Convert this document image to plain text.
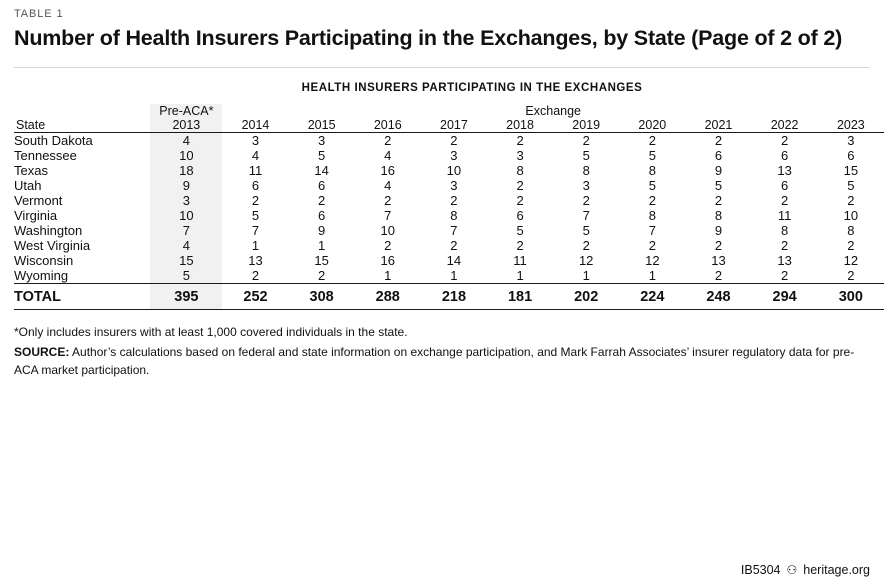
TABLE 1
Number of Health Insurers Participating in the Exchanges, by State (Page of 2 of 2)
HEALTH INSURERS PARTICIPATING IN THE EXCHANGES
	Pre-ACA*	Exchange									
State	2013	2014	2015	2016	2017	2018	2019	2020	2021	2022	2023

South Dakota	4	3	3	2	2	2	2	2	2	2	3
Tennessee	10	4	5	4	3	3	5	5	6	6	6
Texas	18	11	14	16	10	8	8	8	9	13	15
Utah	9	6	6	4	3	2	3	5	5	6	5
Vermont	3	2	2	2	2	2	2	2	2	2	2
Virginia	10	5	6	7	8	6	7	8	8	11	10
Washington	7	7	9	10	7	5	5	7	9	8	8
West Virginia	4	1	1	2	2	2	2	2	2	2	2
Wisconsin	15	13	15	16	14	11	12	12	13	13	12
Wyoming	5	2	2	1	1	1	1	1	2	2	2
TOTAL	395	252	308	288	218	181	202	224	248	294	300
*Only includes insurers with at least 1,000 covered individuals in the state.
SOURCE: Author’s calculations based on federal and state information on exchange participation, and Mark Farrah Associates’ insurer regulatory data for pre-ACA market participation.
IB5304 ⚇ heritage.org
